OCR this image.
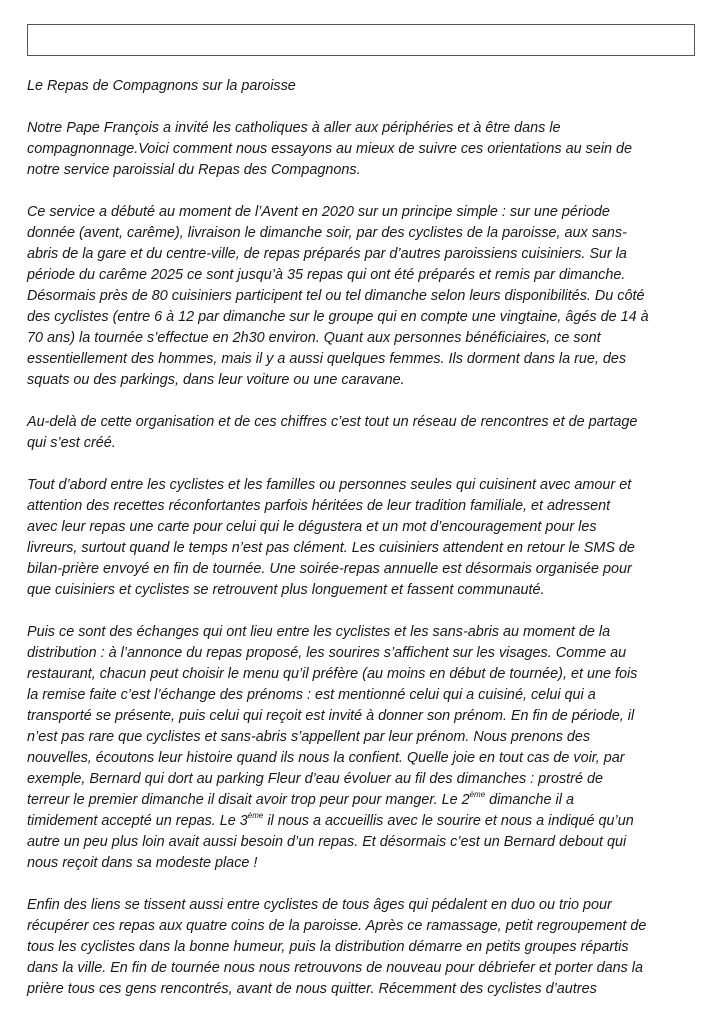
Le Repas de Compagnons sur la paroisse

Notre Pape François a invité les catholiques à aller aux périphéries et à être dans le
compagnonnage.Voici comment nous essayons au mieux de suivre ces orientations au sein de
notre service paroissial du Repas des Compagnons.

Ce service a débuté au moment de l’Avent en 2020 sur un principe simple : sur une période
donnée (avent, carême), livraison le dimanche soir, par des cyclistes de la paroisse, aux sans-
abris de la gare et du centre-ville, de repas préparés par d’autres paroissiens cuisiniers. Sur la
période du carême 2025 ce sont jusqu’à 35 repas qui ont été préparés et remis par dimanche.
Désormais près de 80 cuisiniers participent tel ou tel dimanche selon leurs disponibilités. Du côté
des cyclistes (entre 6 à 12 par dimanche sur le groupe qui en compte une vingtaine, âgés de 14 à
70 ans) la tournée s’effectue en 2h30 environ. Quant aux personnes bénéficiaires, ce sont
essentiellement des hommes, mais il y a aussi quelques femmes. Ils dorment dans la rue, des
squats ou des parkings, dans leur voiture ou une caravane.

Au-delà de cette organisation et de ces chiffres c’est tout un réseau de rencontres et de partage
qui s’est créé.

Tout d’abord entre les cyclistes et les familles ou personnes seules qui cuisinent avec amour et
attention des recettes réconfortantes parfois héritées de leur tradition familiale, et adressent
avec leur repas une carte pour celui qui le dégustera et un mot d’encouragement pour les
livreurs, surtout quand le temps n’est pas clément. Les cuisiniers attendent en retour le SMS de
bilan-prière envoyé en fin de tournée. Une soirée-repas annuelle est désormais organisée pour
que cuisiniers et cyclistes se retrouvent plus longuement et fassent communauté.

Puis ce sont des échanges qui ont lieu entre les cyclistes et les sans-abris au moment de la
distribution : à l’annonce du repas proposé, les sourires s’affichent sur les visages. Comme au
restaurant, chacun peut choisir le menu qu’il préfère (au moins en début de tournée), et une fois
la remise faite c’est l’échange des prénoms : est mentionné celui qui a cuisiné, celui qui a
transporté se présente, puis celui qui reçoit est invité à donner son prénom. En fin de période, il
n’est pas rare que cyclistes et sans-abris s’appellent par leur prénom. Nous prenons des
nouvelles, écoutons leur histoire quand ils nous la confient. Quelle joie en tout cas de voir, par
exemple, Bernard qui dort au parking Fleur d’eau évoluer au fil des dimanches : prostré de
terreur le premier dimanche il disait avoir trop peur pour manger. Le 2ème dimanche il a
timidement accepté un repas. Le 3ème il nous a accueillis avec le sourire et nous a indiqué qu’un
autre un peu plus loin avait aussi besoin d’un repas. Et désormais c’est un Bernard debout qui
nous reçoit dans sa modeste place !

Enfin des liens se tissent aussi entre cyclistes de tous âges qui pédalent en duo ou trio pour
récupérer ces repas aux quatre coins de la paroisse. Après ce ramassage, petit regroupement de
tous les cyclistes dans la bonne humeur, puis la distribution démarre en petits groupes répartis
dans la ville. En fin de tournée nous nous retrouvons de nouveau pour débriefer et porter dans la
prière tous ces gens rencontrés, avant de nous quitter. Récemment des cyclistes d’autres
